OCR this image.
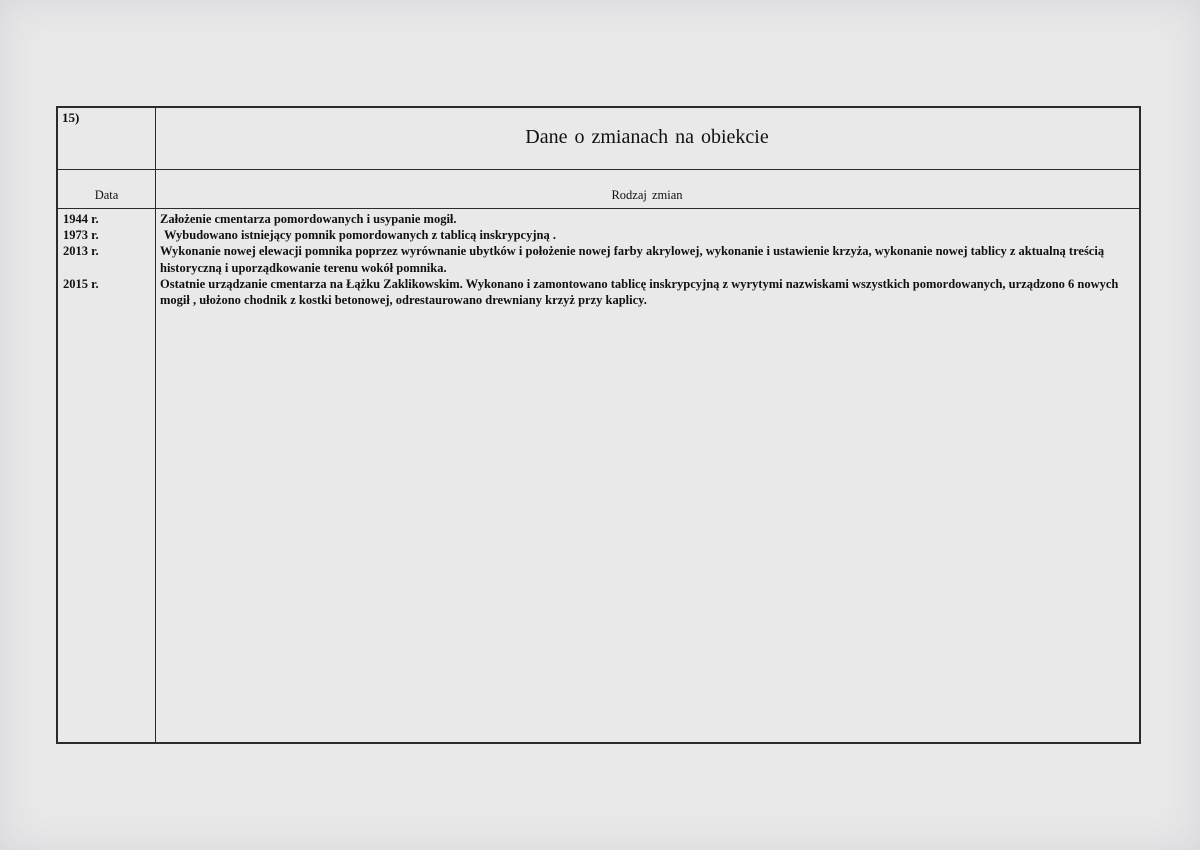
15)
Dane o zmianach na obiekcie
Data	Rodzaj zmian
1944 r.
1973 r.
2013 r.

2015 r.
Założenie cmentarza pomordowanych i usypanie mogił.
Wybudowano istniejący pomnik pomordowanych z tablicą inskrypcyjną .
Wykonanie nowej elewacji pomnika poprzez wyrównanie ubytków i położenie nowej farby akrylowej, wykonanie i ustawienie krzyża, wykonanie nowej tablicy z aktualną treścią historyczną i uporządkowanie terenu wokół pomnika.
Ostatnie urządzanie cmentarza na Łążku Zaklikowskim. Wykonano i zamontowano tablicę inskrypcyjną z wyrytymi nazwiskami wszystkich pomordowanych, urządzono 6 nowych mogił , ułożono chodnik z kostki betonowej, odrestaurowano drewniany krzyż przy kaplicy.
